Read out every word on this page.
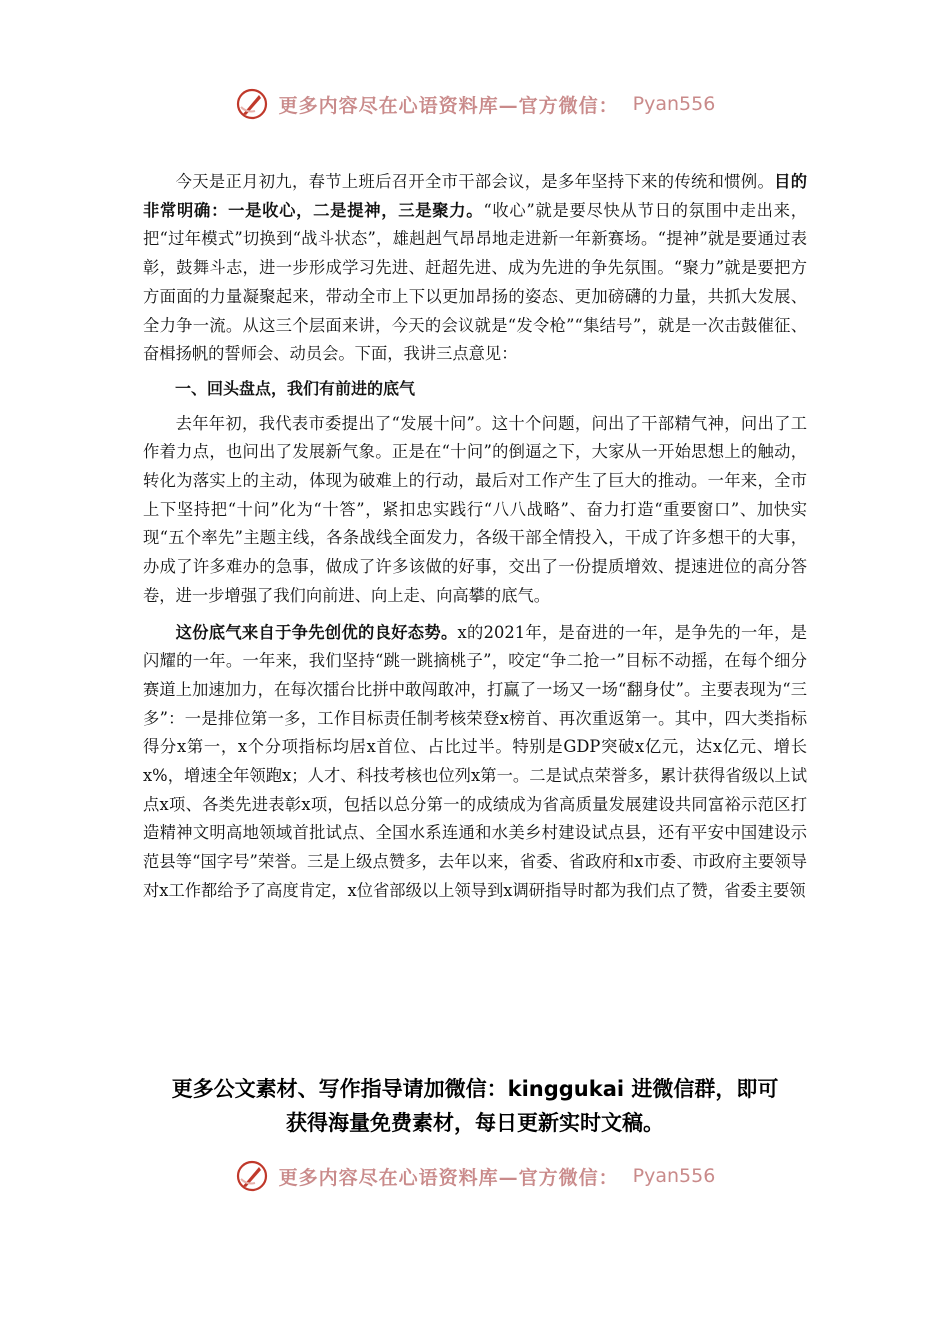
更多内容尽在心语资料库—官方微信： Pyan556

今天是正月初九，春节上班后召开全市干部会议，是多年坚持下来的传统和惯例。目的非常明确：一是收心，二是提神，三是聚力。“收心”就是要尽快从节日的氛围中走出来，把“过年模式”切换到“战斗状态”，雄赳赳气昂昂地走进新一年新赛场。“提神”就是要通过表彰，鼓舞斗志，进一步形成学习先进、赶超先进、成为先进的争先氛围。“聚力”就是要把方方面面的力量凝聚起来，带动全市上下以更加昂扬的姿态、更加磅礴的力量，共抓大发展、全力争一流。从这三个层面来讲，今天的会议就是“发令枪”“集结号”，就是一次击鼓催征、奋楫扬帆的誓师会、动员会。下面，我讲三点意见：

一、回头盘点，我们有前进的底气

去年年初，我代表市委提出了“发展十问”。这十个问题，问出了干部精气神，问出了工作着力点，也问出了发展新气象。正是在“十问”的倒逼之下，大家从一开始思想上的触动，转化为落实上的主动，体现为破难上的行动，最后对工作产生了巨大的推动。一年来，全市上下坚持把“十问”化为“十答”，紧扣忠实践行“八八战略”、奋力打造“重要窗口”、加快实现“五个率先”主题主线，各条战线全面发力，各级干部全情投入，干成了许多想干的大事，办成了许多难办的急事，做成了许多该做的好事，交出了一份提质增效、提速进位的高分答卷，进一步增强了我们向前进、向上走、向高攀的底气。

这份底气来自于争先创优的良好态势。x的2021年，是奋进的一年，是争先的一年，是闪耀的一年。一年来，我们坚持“跳一跳摘桃子”，咬定“争二抢一”目标不动摇，在每个细分赛道上加速加力，在每次擂台比拼中敢闯敢冲，打赢了一场又一场“翻身仗”。主要表现为“三多”：一是排位第一多，工作目标责任制考核荣登x榜首、再次重返第一。其中，四大类指标得分x第一，x个分项指标均居x首位、占比过半。特别是GDP突破x亿元，达x亿元、增长x%，增速全年领跑x；人才、科技考核也位列x第一。二是试点荣誉多，累计获得省级以上试点x项、各类先进表彰x项，包括以总分第一的成绩成为省高质量发展建设共同富裕示范区打造精神文明高地领域首批试点、全国水系连通和水美乡村建设试点县，还有平安中国建设示范县等“国字号”荣誉。三是上级点赞多，去年以来，省委、省政府和x市委、市政府主要领导对x工作都给予了高度肯定，x位省部级以上领导到x调研指导时都为我们点了赞，省委主要领

更多公文素材、写作指导请加微信：kinggukai 进微信群，即可
获得海量免费素材，每日更新实时文稿。
更多内容尽在心语资料库—官方微信： Pyan556
